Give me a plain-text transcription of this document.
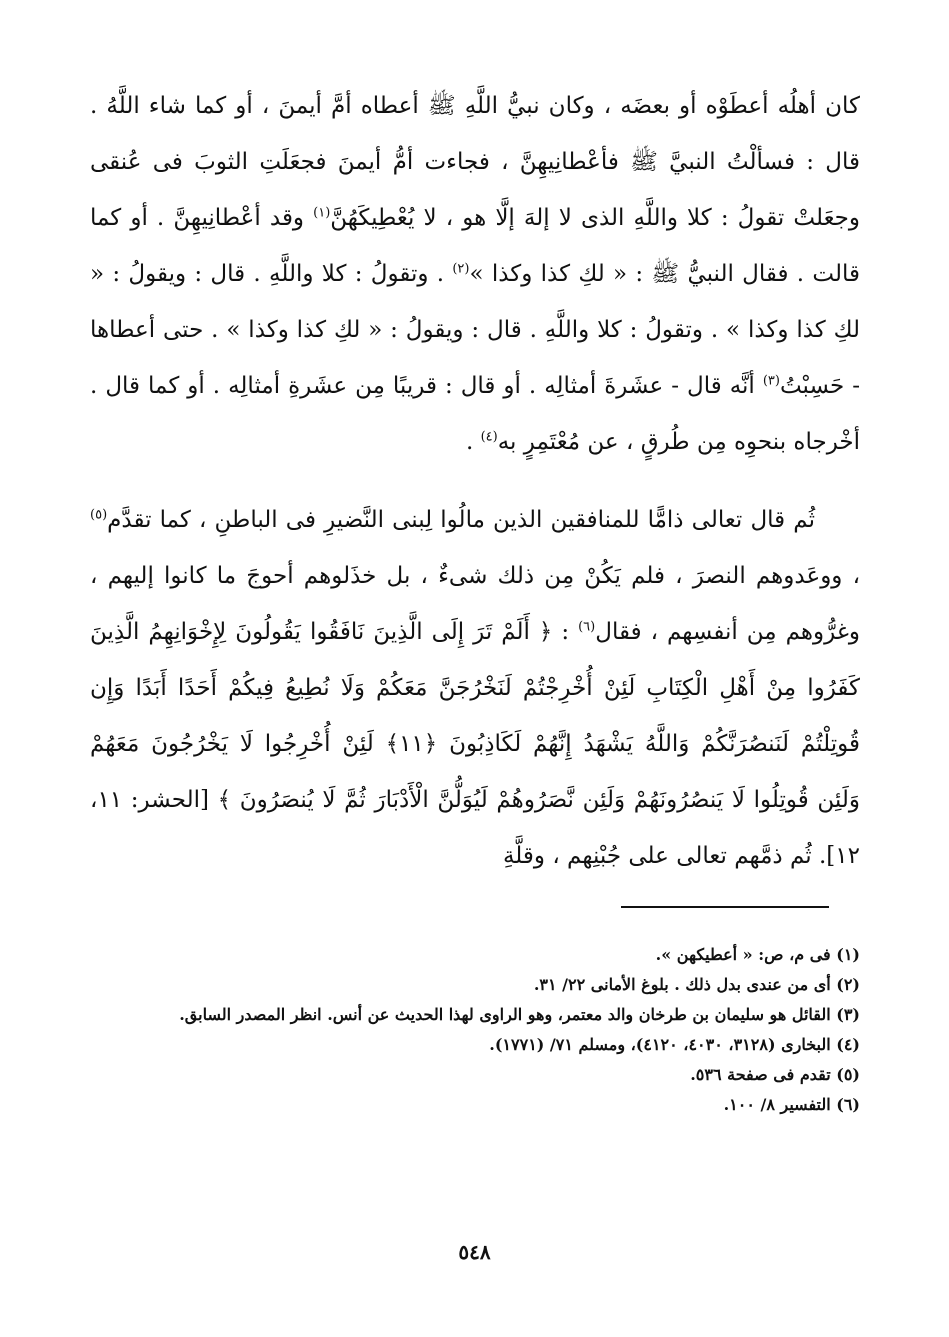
كان أهلُه أعطَوْه أو بعضَه ، وكان نبيُّ اللَّهِ ﷺ أعطاه أمَّ أيمنَ ، أو كما شاء اللَّهُ . قال : فسألْتُ النبيَّ ﷺ فأعْطانِيهِنَّ ، فجاءت أمُّ أيمنَ فجعَلَتِ الثوبَ فى عُنقى وجعَلتْ تقولُ : كلا واللَّهِ الذى لا إلهَ إلَّا هو ، لا يُعْطِيكَهُنَّ$^{(١)}$ وقد أعْطانِيهِنَّ . أو كما قالت . فقال النبيُّ ﷺ : « لكِ كذا وكذا »$^{(٢)}$ . وتقولُ : كلا واللَّهِ . قال : ويقولُ : « لكِ كذا وكذا » . وتقولُ : كلا واللَّهِ . قال : ويقولُ : « لكِ كذا وكذا » . حتى أعطاها - حَسِبْتُ$^{(٣)}$ أنَّه قال - عشَرةَ أمثالِه . أو قال : قريبًا مِن عشَرةِ أمثالِه . أو كما قال . أخْرجاه بنحوِه مِن طُرقٍ ، عن مُعْتَمِرٍ به$^{(٤)}$ .

ثُم قال تعالى ذامًّا للمنافقين الذين مالُوا لِبنى النَّضيرِ فى الباطنِ ، كما تقدَّم$^{(٥)}$ ، ووعَدوهم النصرَ ، فلم يَكُنْ مِن ذلك شىءٌ ، بل خذَلوهم أحوجَ ما كانوا إليهم ، وغرُّوهم مِن أنفسِهم ، فقال$^{(٦)}$ : ﴿ أَلَمْ تَرَ إِلَى الَّذِينَ نَافَقُوا يَقُولُونَ لِإِخْوَانِهِمُ الَّذِينَ كَفَرُوا مِنْ أَهْلِ الْكِتَابِ لَئِنْ أُخْرِجْتُمْ لَنَخْرُجَنَّ مَعَكُمْ وَلَا نُطِيعُ فِيكُمْ أَحَدًا أَبَدًا وَإِن قُوتِلْتُمْ لَنَنصُرَنَّكُمْ وَاللَّهُ يَشْهَدُ إِنَّهُمْ لَكَاذِبُونَ ﴿١١﴾ لَئِنْ أُخْرِجُوا لَا يَخْرُجُونَ مَعَهُمْ وَلَئِن قُوتِلُوا لَا يَنصُرُونَهُمْ وَلَئِن نَّصَرُوهُمْ لَيُوَلُّنَّ الْأَدْبَارَ ثُمَّ لَا يُنصَرُونَ ﴾ [الحشر: ١١، ١٢]. ثُم ذمَّهم تعالى على جُبْنِهم ، وقلَّةِ

(١) فى م، ص: « أعطيكهن ».

(٢) أى من عندى بدل ذلك . بلوغ الأمانى ٢٢/ ٣١.

(٣) القائل هو سليمان بن طرخان والد معتمر، وهو الراوى لهذا الحديث عن أنس. انظر المصدر السابق.

(٤) البخارى (٣١٢٨، ٤٠٣٠، ٤١٢٠)، ومسلم ٧١/ (١٧٧١).

(٥) تقدم فى صفحة ٥٣٦.

(٦) التفسير ٨/ ١٠٠.

٥٤٨
